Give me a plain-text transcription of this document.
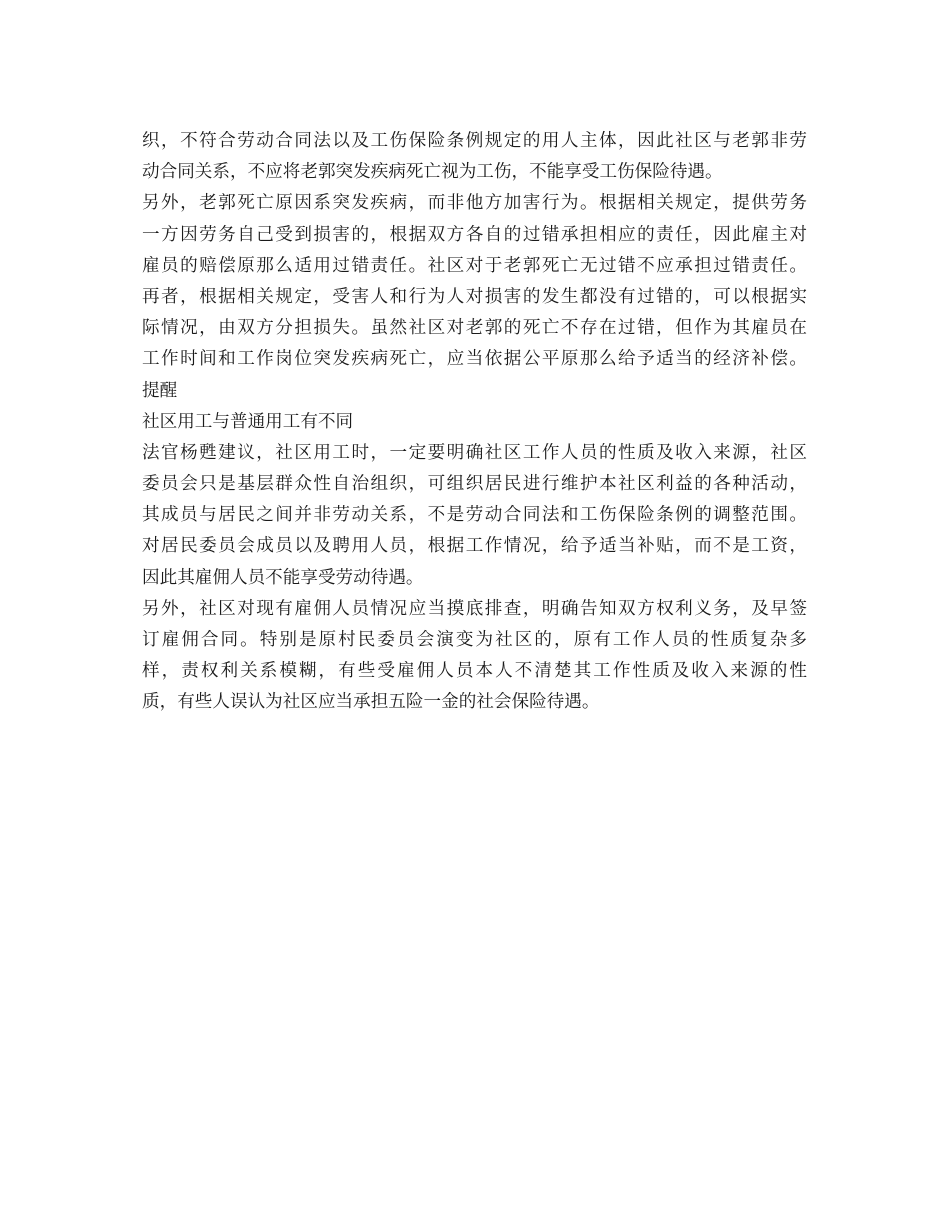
织，不符合劳动合同法以及工伤保险条例规定的用人主体，因此社区与老郭非劳

动合同关系，不应将老郭突发疾病死亡视为工伤，不能享受工伤保险待遇。

另外，老郭死亡原因系突发疾病，而非他方加害行为。根据相关规定，提供劳务

一方因劳务自己受到损害的，根据双方各自的过错承担相应的责任，因此雇主对

雇员的赔偿原那么适用过错责任。社区对于老郭死亡无过错不应承担过错责任。

再者，根据相关规定，受害人和行为人对损害的发生都没有过错的，可以根据实

际情况，由双方分担损失。虽然社区对老郭的死亡不存在过错，但作为其雇员在

工作时间和工作岗位突发疾病死亡，应当依据公平原那么给予适当的经济补偿。

提醒

社区用工与普通用工有不同

法官杨甦建议，社区用工时，一定要明确社区工作人员的性质及收入来源，社区

委员会只是基层群众性自治组织，可组织居民进行维护本社区利益的各种活动，

其成员与居民之间并非劳动关系，不是劳动合同法和工伤保险条例的调整范围。

对居民委员会成员以及聘用人员，根据工作情况，给予适当补贴，而不是工资，

因此其雇佣人员不能享受劳动待遇。

另外，社区对现有雇佣人员情况应当摸底排查，明确告知双方权利义务，及早签

订雇佣合同。特别是原村民委员会演变为社区的，原有工作人员的性质复杂多

样，责权利关系模糊，有些受雇佣人员本人不清楚其工作性质及收入来源的性

质，有些人误认为社区应当承担五险一金的社会保险待遇。
